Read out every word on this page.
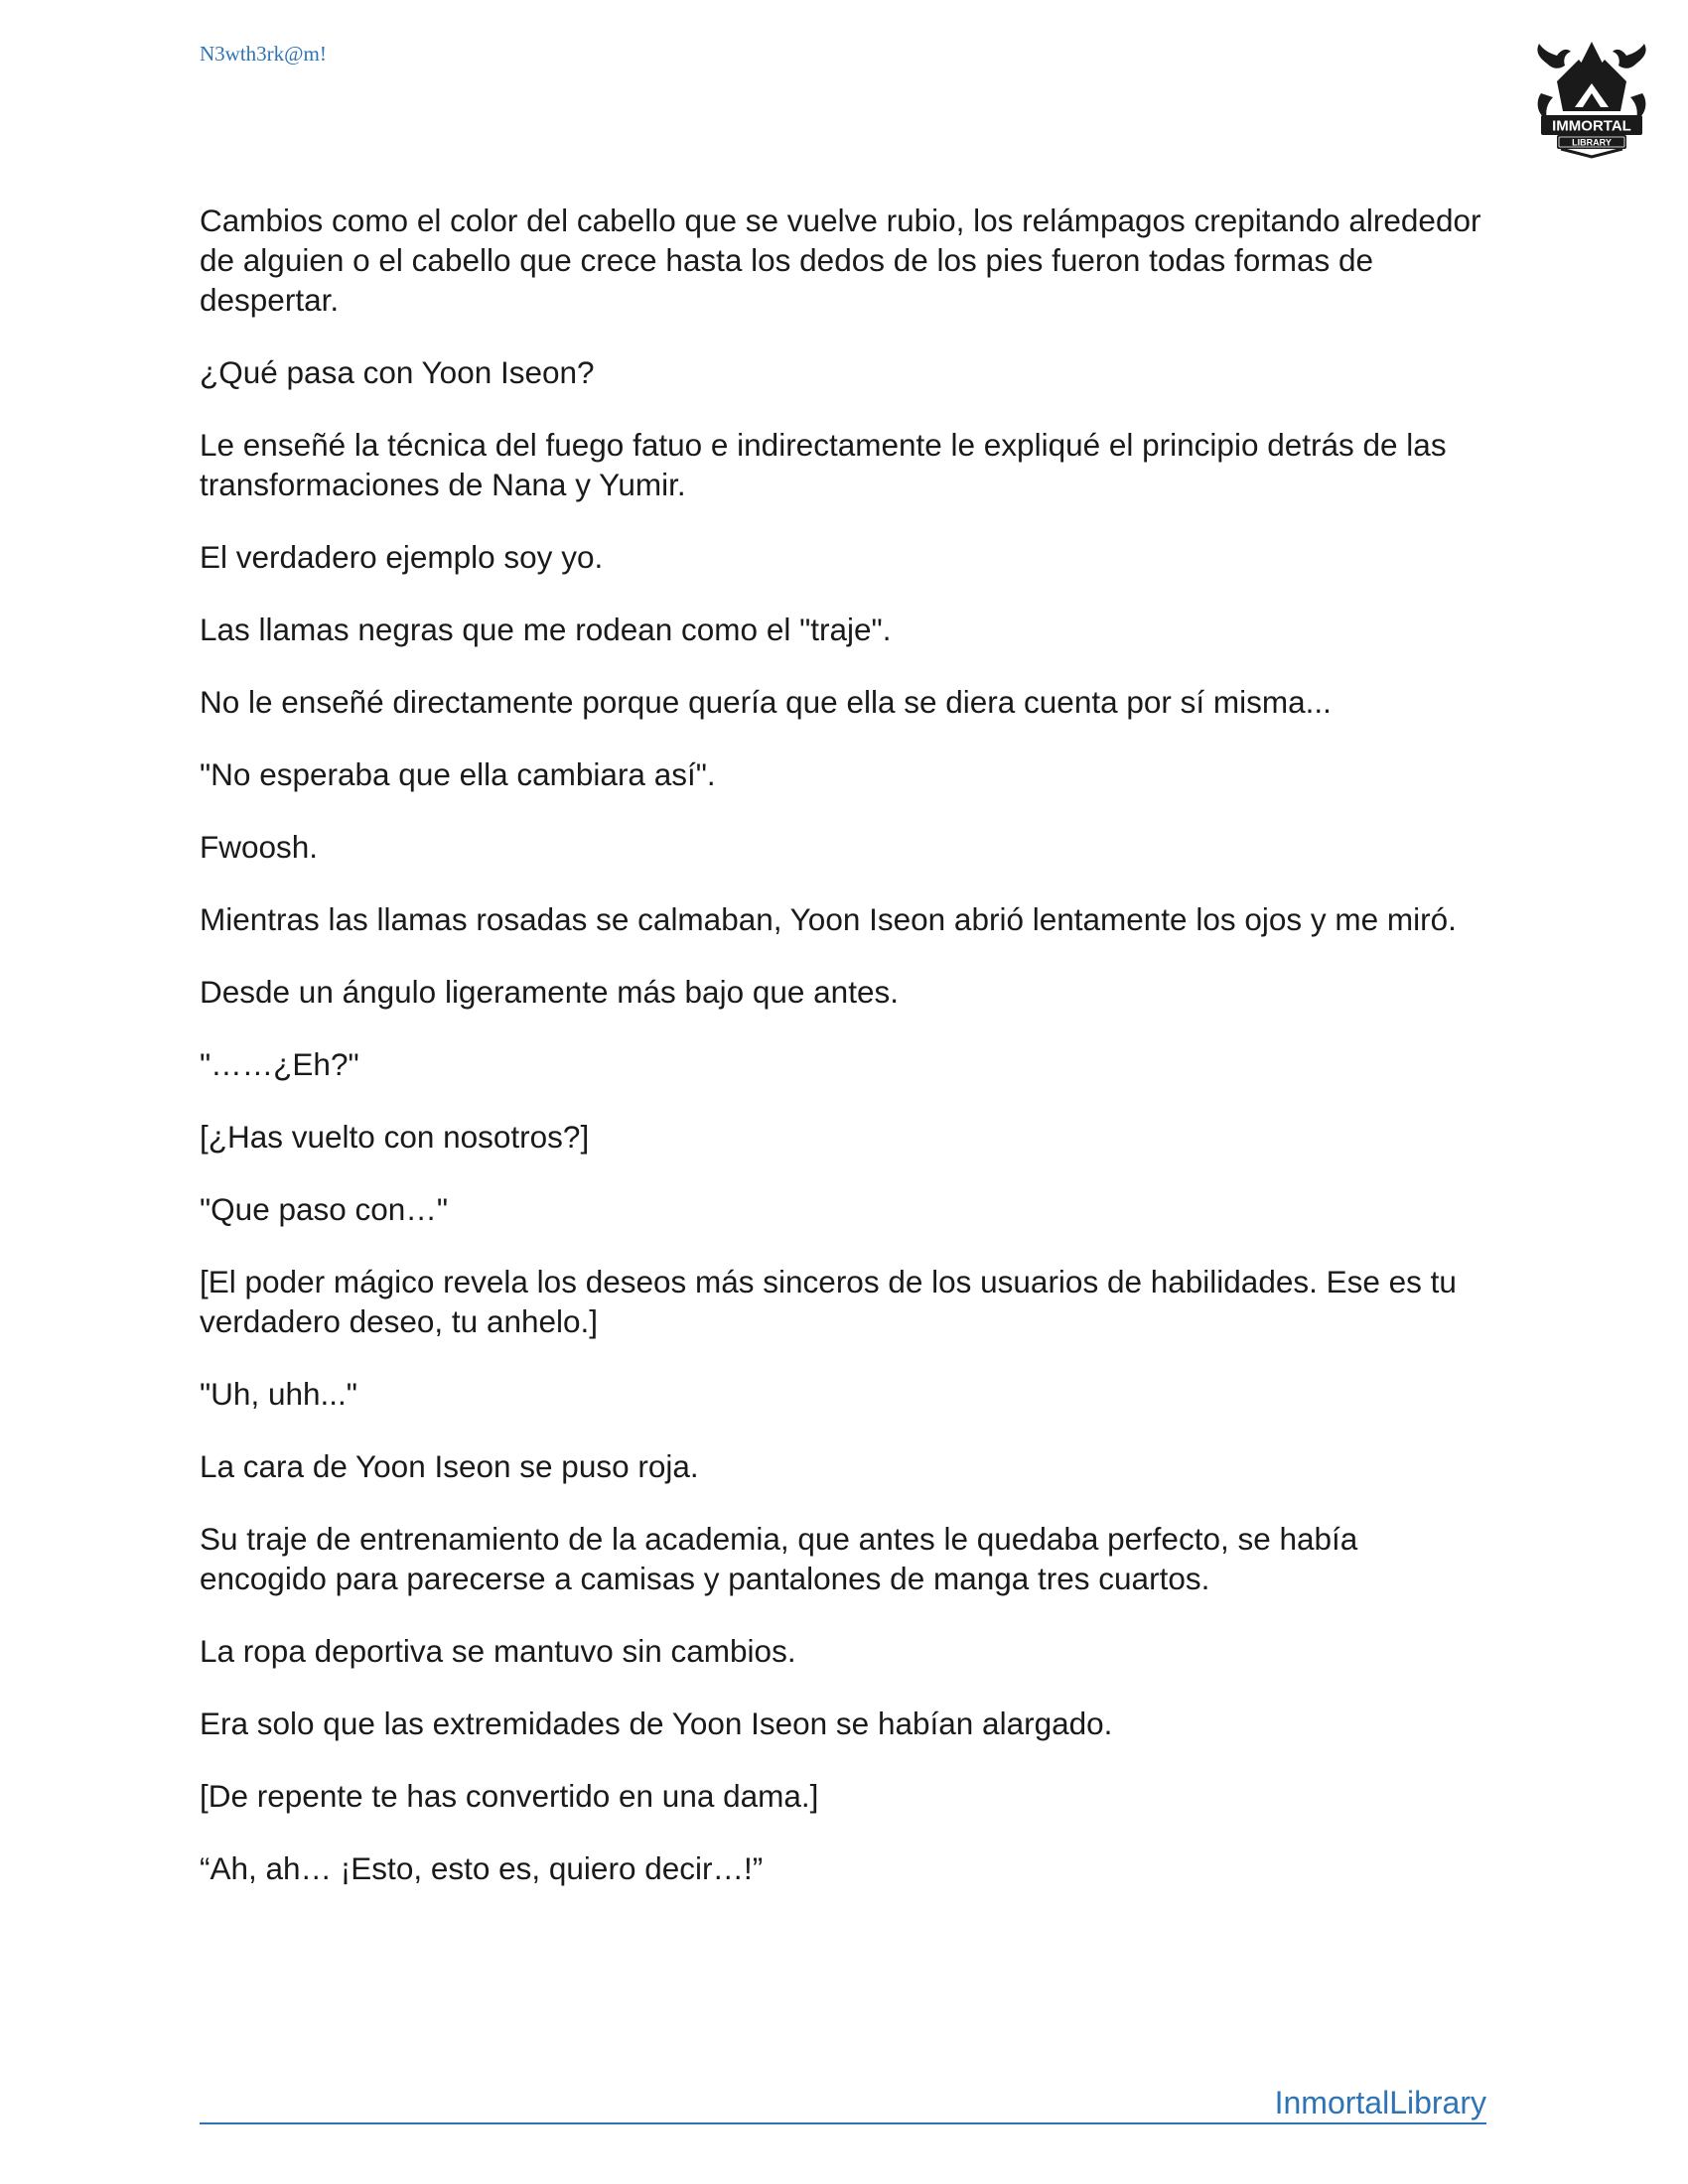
N3wth3rk@m!
IMMORTAL
LIBRARY

Cambios como el color del cabello que se vuelve rubio, los relámpagos crepitando alrededor de alguien o el cabello que crece hasta los dedos de los pies fueron todas formas de despertar.

¿Qué pasa con Yoon Iseon?

Le enseñé la técnica del fuego fatuo e indirectamente le expliqué el principio detrás de las transformaciones de Nana y Yumir.

El verdadero ejemplo soy yo.

Las llamas negras que me rodean como el "traje".

No le enseñé directamente porque quería que ella se diera cuenta por sí misma...

"No esperaba que ella cambiara así".

Fwoosh.

Mientras las llamas rosadas se calmaban, Yoon Iseon abrió lentamente los ojos y me miró.

Desde un ángulo ligeramente más bajo que antes.

"……¿Eh?"

[¿Has vuelto con nosotros?]

"Que paso con…"

[El poder mágico revela los deseos más sinceros de los usuarios de habilidades. Ese es tu verdadero deseo, tu anhelo.]

"Uh, uhh..."

La cara de Yoon Iseon se puso roja.

Su traje de entrenamiento de la academia, que antes le quedaba perfecto, se había encogido para parecerse a camisas y pantalones de manga tres cuartos.

La ropa deportiva se mantuvo sin cambios.

Era solo que las extremidades de Yoon Iseon se habían alargado.

[De repente te has convertido en una dama.]

“Ah, ah… ¡Esto, esto es, quiero decir…!”

InmortalLibrary
